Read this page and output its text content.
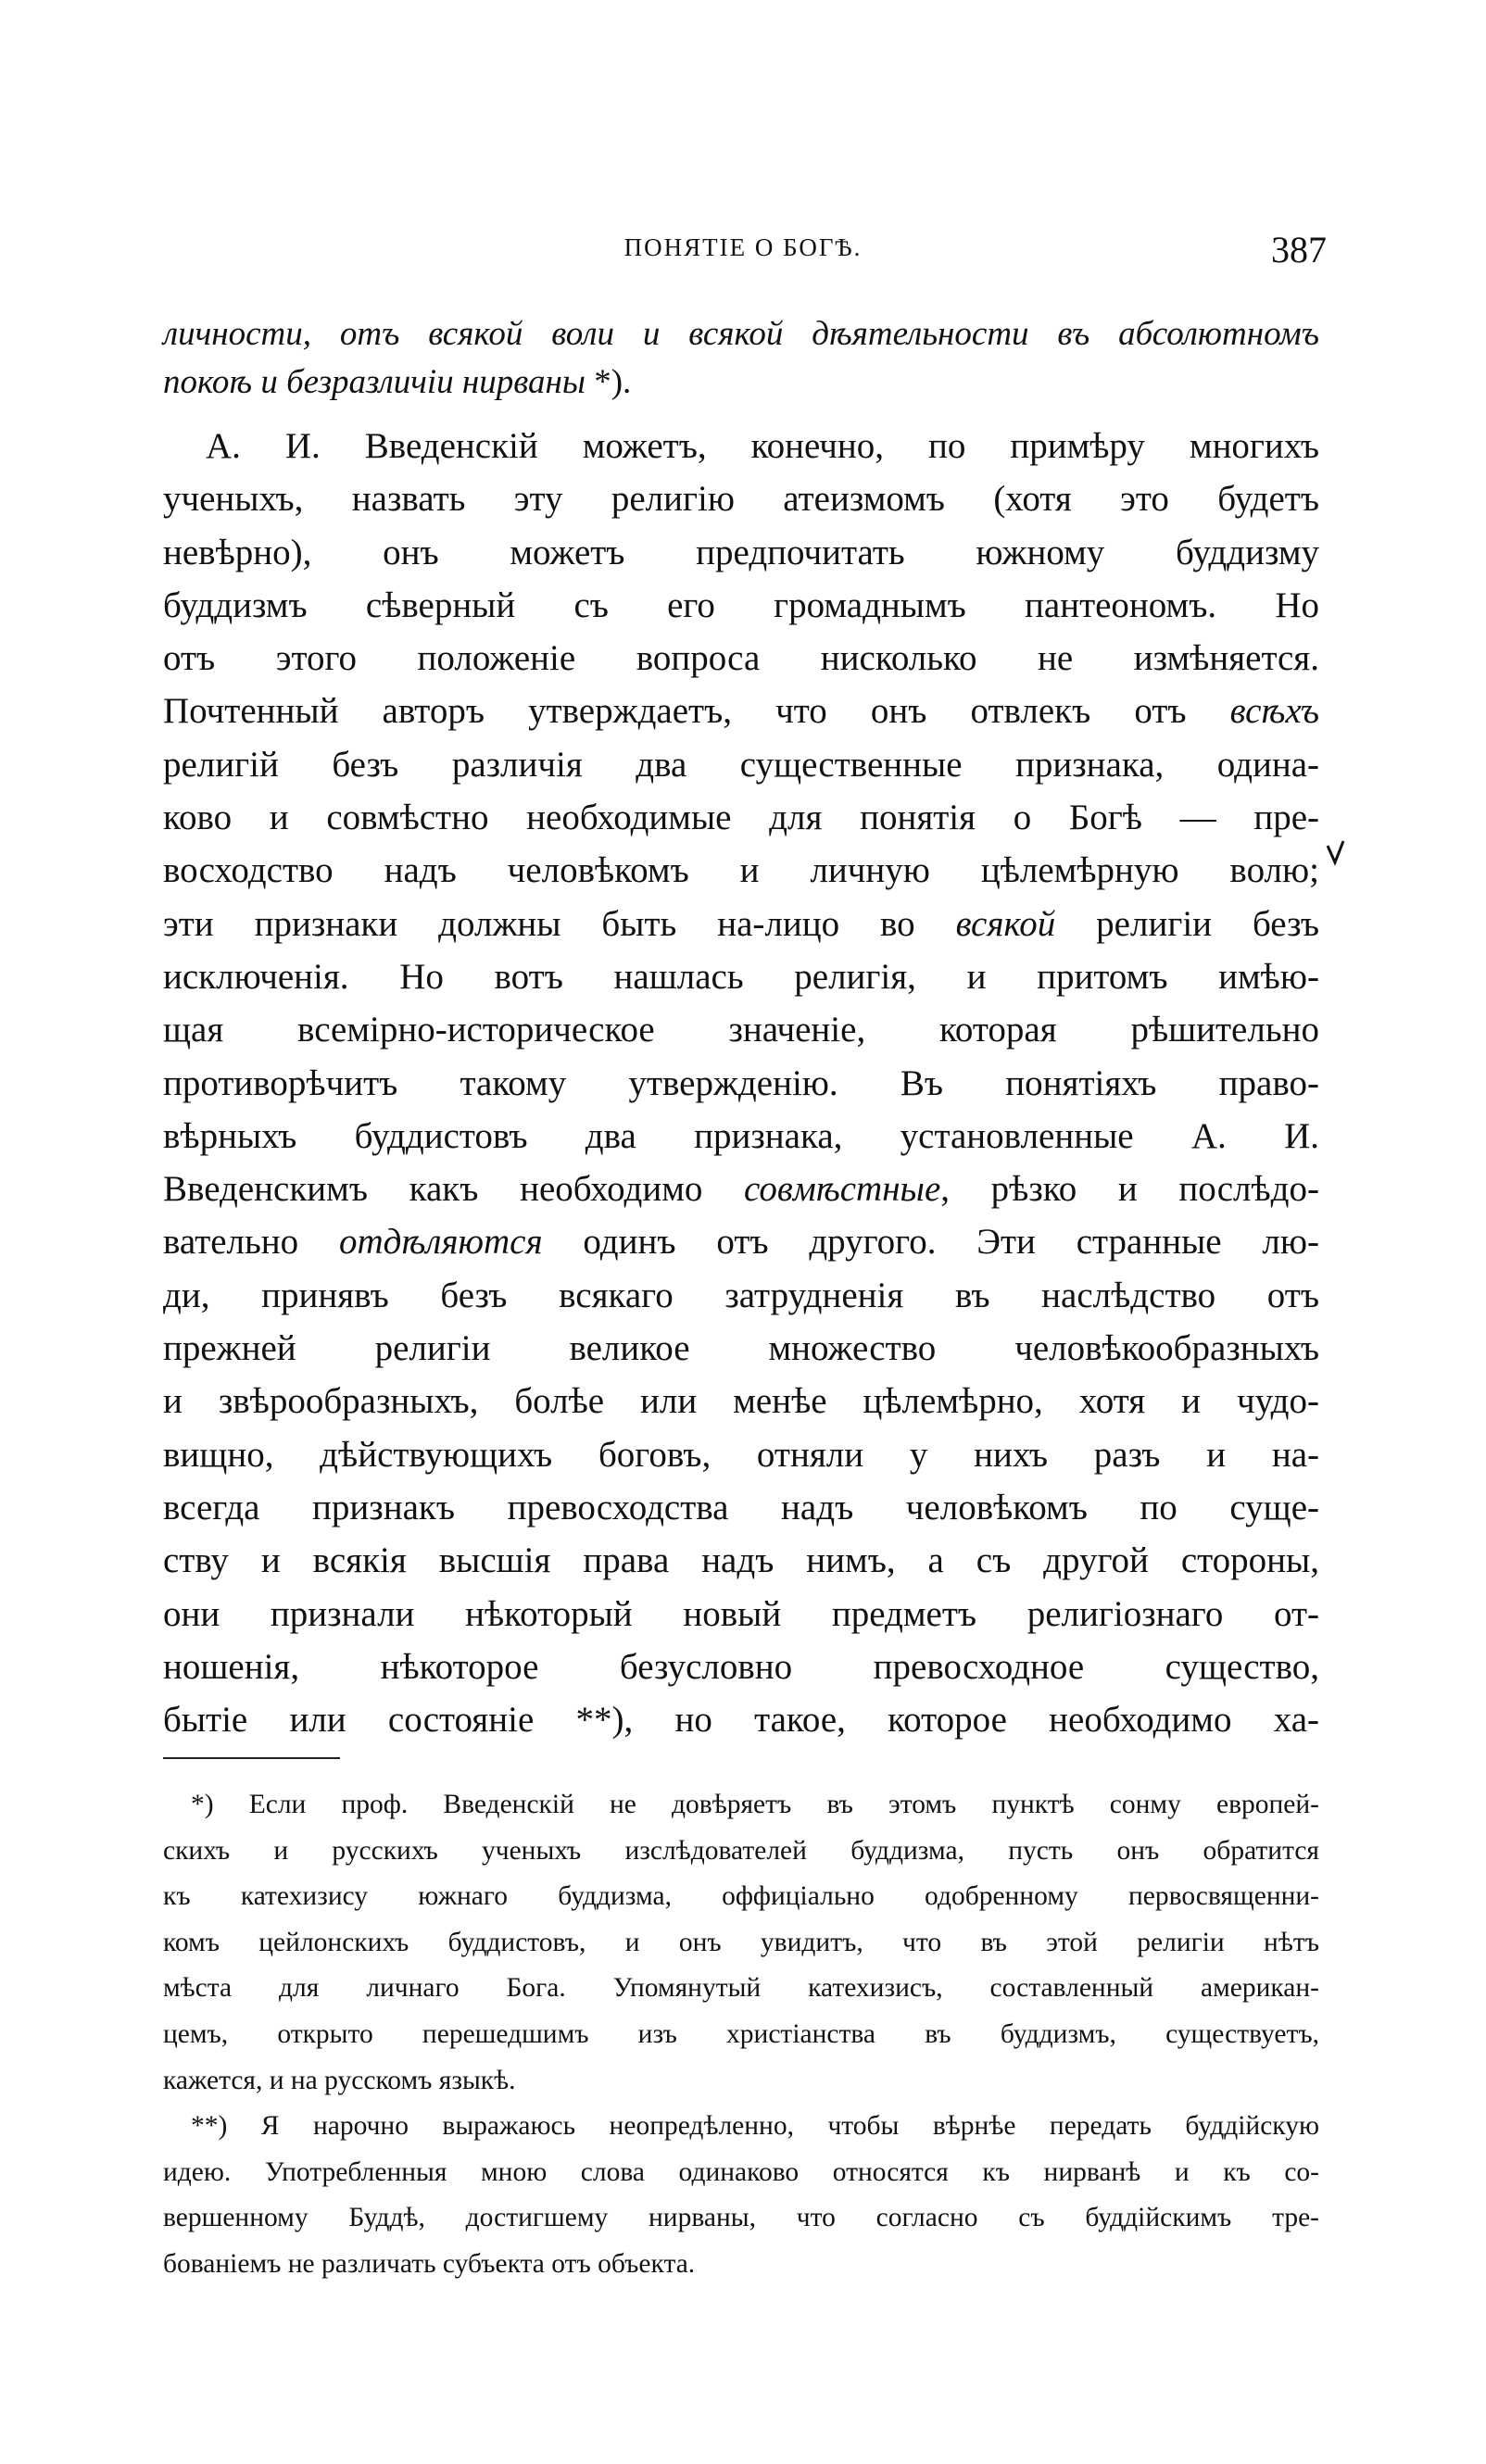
ПОНЯТІЕ О БОГѢ.	387
личности, отъ всякой воли и всякой дѣятельности въ абсолютномъ
покоѣ и безразличіи нирваны *).
А. И. Введенскій можетъ, конечно, по примѣру многихъ
ученыхъ, назвать эту религію атеизмомъ (хотя это будетъ
невѣрно), онъ можетъ предпочитать южному буддизму
буддизмъ сѣверный съ его громаднымъ пантеономъ. Но
отъ этого положеніе вопроса нисколько не измѣняется.
Почтенный авторъ утверждаетъ, что онъ отвлекъ отъ всѣхъ
религій безъ различія два существенные признака, одина-
ково и совмѣстно необходимые для понятія о Богѣ — пре-
восходство надъ человѣкомъ и личную цѣлемѣрную волю;
эти признаки должны быть на-лицо во всякой религіи безъ
исключенія. Но вотъ нашлась религія, и притомъ имѣю-
щая всемірно-историческое значеніе, которая рѣшительно
противорѣчитъ такому утвержденію. Въ понятіяхъ право-
вѣрныхъ буддистовъ два признака, установленные А. И.
Введенскимъ какъ необходимо совмѣстные, рѣзко и послѣдо-
вательно отдѣляются одинъ отъ другого. Эти странные лю-
ди, принявъ безъ всякаго затрудненія въ наслѣдство отъ
прежней религіи великое множество человѣкообразныхъ
и звѣрообразныхъ, болѣе или менѣе цѣлемѣрно, хотя и чудо-
вищно, дѣйствующихъ боговъ, отняли у нихъ разъ и на-
всегда признакъ превосходства надъ человѣкомъ по суще-
ству и всякія высшія права надъ нимъ, а съ другой стороны,
они признали нѣкоторый новый предметъ религіознаго от-
ношенія, нѣкоторое безусловно превосходное существо,
бытіе или состояніе **), но такое, которое необходимо ха-
*) Если проф. Введенскій не довѣряетъ въ этомъ пунктѣ сонму европей-
скихъ и русскихъ ученыхъ изслѣдователей буддизма, пусть онъ обратится
къ катехизису южнаго буддизма, оффиціально одобренному первосвященни-
комъ цейлонскихъ буддистовъ, и онъ увидитъ, что въ этой религіи нѣтъ
мѣста для личнаго Бога. Упомянутый катехизисъ, составленный американ-
цемъ, открыто перешедшимъ изъ христіанства въ буддизмъ, существуетъ,
кажется, и на русскомъ языкѣ.
**) Я нарочно выражаюсь неопредѣленно, чтобы вѣрнѣе передать буддійскую
идею. Употребленныя мною слова одинаково относятся къ нирванѣ и къ со-
вершенному Буддѣ, достигшему нирваны, что согласно съ буддійскимъ тре-
бованіемъ не различать субъекта отъ объекта.
